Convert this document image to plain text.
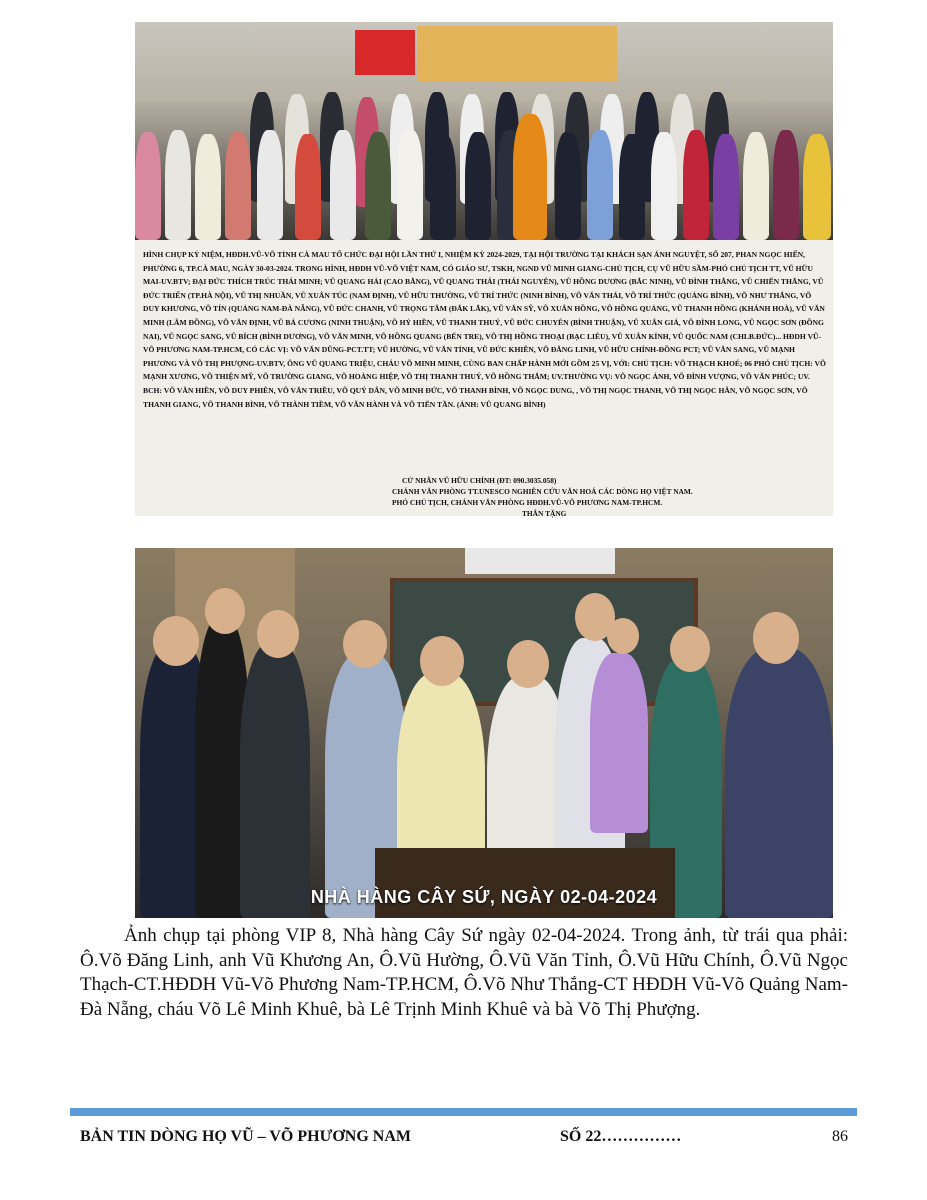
HÌNH CHỤP KỶ NIỆM, HĐDH.VŨ-VÕ TỈNH CÀ MAU TỔ CHỨC ĐẠI HỘI LẦN THỨ I, NHIỆM KỲ 2024-2029, TẠI HỘI TRƯỜNG TẠI KHÁCH SẠN ÁNH NGUYỆT, SỐ 207, PHAN NGỌC HIỂN, PHƯỜNG 6, TP.CÀ MAU, NGÀY 30-03-2024. TRONG HÌNH, HĐDH VŨ-VÕ VIỆT NAM, CÓ GIÁO SƯ, TSKH, NGND VŨ MINH GIANG-CHỦ TỊCH, CỤ VŨ HỮU SẦM-PHÓ CHỦ TỊCH TT, VŨ HỮU MAI-UV.BTV; ĐẠI ĐỨC THÍCH TRÚC THÁI MINH; VŨ QUANG HẢI (CAO BẰNG), VŨ QUANG THÁI (THÁI NGUYÊN), VŨ HỒNG DƯƠNG (BẮC NINH), VŨ ĐÌNH THẮNG, VŨ CHIẾN THẮNG, VŨ ĐỨC TRIỂN (TP.HÀ NỘI), VŨ THỊ NHUẦN, VŨ XUÂN TÚC (NAM ĐỊNH), VŨ HỮU THƯỜNG, VŨ TRÍ THỨC (NINH BÌNH), VÕ VĂN THÁI, VÕ TRÍ THỨC (QUẢNG BÌNH), VÕ NHƯ THẮNG, VÕ DUY KHƯƠNG, VÕ TÍN (QUẢNG NAM-ĐÀ NẴNG), VŨ ĐỨC CHANH, VŨ TRỌNG TÂM (ĐẮK LẮK), VŨ VĂN SỸ, VÕ XUÂN HỒNG, VÕ HỒNG QUẢNG, VŨ THANH HỒNG (KHÁNH HOÀ), VŨ VĂN MINH (LÂM ĐỒNG), VÕ VĂN ĐỊNH, VŨ BÁ CƯƠNG (NINH THUẬN), VÕ HỶ HIỀN, VŨ THANH THUÝ, VŨ ĐỨC CHUYÊN (BÌNH THUẬN), VŨ XUÂN GIÁ, VÕ ĐÌNH LONG, VŨ NGỌC SƠN (ĐỒNG NAI), VŨ NGỌC SANG, VŨ BÍCH (BÌNH DƯƠNG), VÕ VĂN MINH, VÕ HỒNG QUANG (BẾN TRE), VÕ THỊ HỒNG THOẠI (BẠC LIÊU), VŨ XUÂN KÍNH, VŨ QUỐC NAM (CHLB.ĐỨC)... HĐDH VŨ-VÕ PHƯƠNG NAM-TP.HCM, CÓ CÁC VỊ: VÕ VĂN DŨNG-PCT.TT; VŨ HƯỜNG, VŨ VĂN TỈNH, VŨ ĐỨC KHIÊN, VÕ ĐĂNG LINH, VŨ HỮU CHÍNH-ĐỒNG PCT; VŨ VĂN SANG, VŨ MẠNH PHƯƠNG VÀ VÕ THỊ PHƯỢNG-UV.BTV, ÔNG VŨ QUANG TRIỆU, CHÁU VÕ MINH MINH, CÙNG BAN CHẤP HÀNH MỚI GỒM 25 VỊ, VỚI: CHỦ TỊCH: VÕ THẠCH KHOÉ; 06 PHÓ CHỦ TỊCH: VÕ MẠNH XƯƠNG, VÕ THIỆN MỸ, VÕ TRƯỜNG GIANG, VÕ HOÀNG HIỆP, VÕ THỊ THANH THUÝ, VÕ HỒNG THẮM; UV.THƯỜNG VỤ: VÕ NGỌC ẢNH, VÕ ĐÌNH VƯỢNG, VÕ VĂN PHÚC; UV. BCH: VÕ VĂN HIỀN, VÕ DUY PHIÊN, VÕ VĂN TRIỀU, VÕ QUÝ DÂN, VÕ MINH ĐỨC, VÕ THANH BÌNH, VÕ NGỌC DUNG, , VÕ THỊ NGỌC THANH, VÕ THỊ NGỌC HÂN, VÕ NGỌC SƠN, VÕ THANH GIANG, VÕ THANH BÌNH, VÕ THÀNH TIỀM, VÕ VĂN HÀNH VÀ VÕ TIẾN TẦN. (ẢNH: VŨ QUANG BÌNH)

CỬ NHÂN VŨ HỮU CHÍNH (ĐT: 090.3035.058)
CHÁNH VĂN PHÒNG TT.UNESCO NGHIÊN CỨU VĂN HOÁ CÁC DÒNG HỌ VIỆT NAM.
PHÓ CHỦ TỊCH, CHÁNH VĂN PHÒNG HĐDH.VŨ-VÕ PHƯƠNG NAM-TP.HCM.
THÂN TẶNG
NHÀ HÀNG CÂY SỨ, NGÀY 02-04-2024

Ảnh chụp tại phòng VIP 8, Nhà hàng Cây Sứ ngày 02-04-2024. Trong ảnh, từ trái qua phải: Ô.Võ Đăng Linh, anh Vũ Khương An, Ô.Vũ Hường, Ô.Vũ Văn Tỉnh, Ô.Vũ Hữu Chính, Ô.Vũ Ngọc Thạch-CT.HĐDH Vũ-Võ Phương Nam-TP.HCM, Ô.Võ Như Thắng-CT HĐDH Vũ-Võ Quảng Nam-Đà Nẵng, cháu Võ Lê Minh Khuê, bà Lê Trịnh Minh Khuê và bà Võ Thị Phượng.

BẢN TIN DÒNG HỌ VŨ – VÕ PHƯƠNG NAM	SỐ 22……………	86
